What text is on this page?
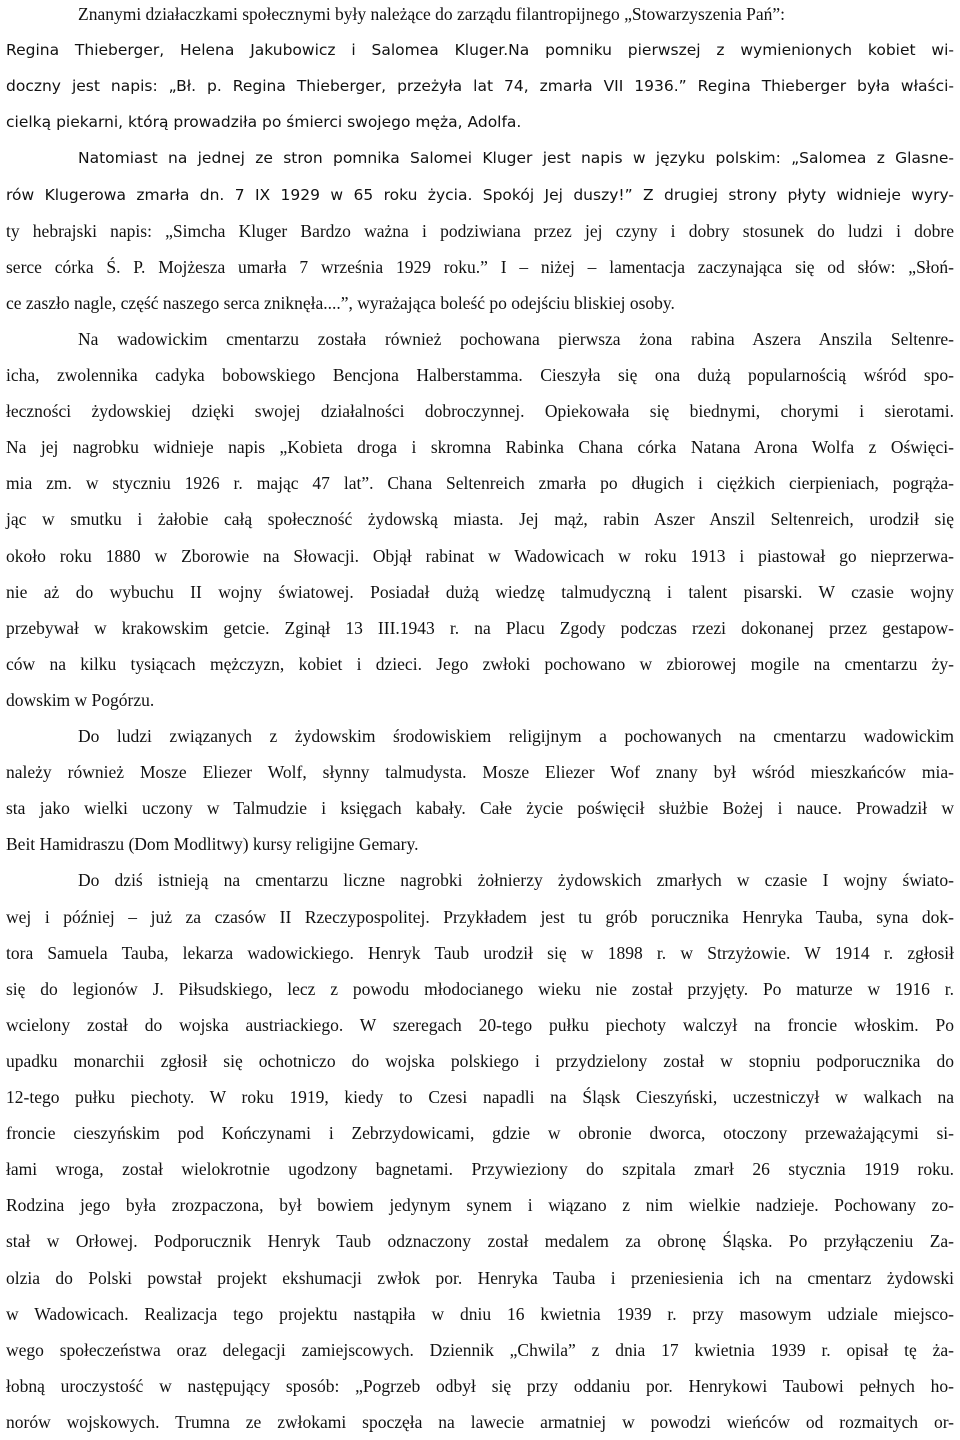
Znanymi działaczkami społecznymi były należące do zarządu filantropijnego „Stowarzyszenia Pań”:
Regina Thieberger, Helena Jakubowicz i Salomea Kluger.Na pomniku pierwszej z wymienionych kobiet wi-
doczny jest napis: „Bł. p. Regina Thieberger, przeżyła lat 74, zmarła VII 1936.” Regina Thieberger była właści-
cielką piekarni, którą prowadziła po śmierci swojego męża, Adolfa.
Natomiast na jednej ze stron pomnika Salomei Kluger jest napis w języku polskim: „Salomea z Glasne-
rów Klugerowa zmarła dn. 7 IX 1929 w 65 roku życia. Spokój Jej duszy!” Z drugiej strony płyty widnieje wyry-
ty hebrajski napis: „Simcha Kluger Bardzo ważna i podziwiana przez jej czyny i dobry stosunek do ludzi i dobre
serce córka Ś. P. Mojżesza umarła 7 września 1929 roku.” I – niżej – lamentacja zaczynająca się od słów: „Słoń-
ce zaszło nagle, część naszego serca zniknęła....”, wyrażająca boleść po odejściu bliskiej osoby.
Na wadowickim cmentarzu została również pochowana pierwsza żona rabina Aszera Anszila Seltenre-
icha, zwolennika cadyka bobowskiego Bencjona Halberstamma. Cieszyła się ona dużą popularnością wśród spo-
łeczności żydowskiej dzięki swojej działalności dobroczynnej. Opiekowała się biednymi, chorymi i sierotami.
Na jej nagrobku widnieje napis „Kobieta droga i skromna Rabinka Chana córka Natana Arona Wolfa z Oświęci-
mia zm. w styczniu 1926 r. mając 47 lat”. Chana Seltenreich zmarła po długich i ciężkich cierpieniach, pogrąża-
jąc w smutku i żałobie całą społeczność żydowską miasta. Jej mąż, rabin Aszer Anszil Seltenreich, urodził się
około roku 1880 w Zborowie na Słowacji. Objął rabinat w Wadowicach w roku 1913 i piastował go nieprzerwa-
nie aż do wybuchu II wojny światowej. Posiadał dużą wiedzę talmudyczną i talent pisarski. W czasie wojny
przebywał w krakowskim getcie. Zginął 13 III.1943 r. na Placu Zgody podczas rzezi dokonanej przez gestapow-
ców na kilku tysiącach mężczyzn, kobiet i dzieci. Jego zwłoki pochowano w zbiorowej mogile na cmentarzu ży-
dowskim w Pogórzu.
Do ludzi związanych z żydowskim środowiskiem religijnym a pochowanych na cmentarzu wadowickim
należy również Mosze Eliezer Wolf, słynny talmudysta. Mosze Eliezer Wof znany był wśród mieszkańców mia-
sta jako wielki uczony w Talmudzie i księgach kabały. Całe życie poświęcił służbie Bożej i nauce. Prowadził w
Beit Hamidraszu (Dom Modlitwy) kursy religijne Gemary.
Do dziś istnieją na cmentarzu liczne nagrobki żołnierzy żydowskich zmarłych w czasie I wojny świato-
wej i później – już za czasów II Rzeczypospolitej. Przykładem jest tu grób porucznika Henryka Tauba, syna dok-
tora Samuela Tauba, lekarza wadowickiego. Henryk Taub urodził się w 1898 r. w Strzyżowie. W 1914 r. zgłosił
się do legionów J. Piłsudskiego, lecz z powodu młodocianego wieku nie został przyjęty. Po maturze w 1916 r.
wcielony został do wojska austriackiego. W szeregach 20-tego pułku piechoty walczył na froncie włoskim. Po
upadku monarchii zgłosił się ochotniczo do wojska polskiego i przydzielony został w stopniu podporucznika do
12-tego pułku piechoty. W roku 1919, kiedy to Czesi napadli na Śląsk Cieszyński, uczestniczył w walkach na
froncie cieszyńskim pod Kończynami i Zebrzydowicami, gdzie w obronie dworca, otoczony przeważającymi si-
łami wroga, został wielokrotnie ugodzony bagnetami. Przywieziony do szpitala zmarł 26 stycznia 1919 roku.
Rodzina jego była zrozpaczona, był bowiem jedynym synem i wiązano z nim wielkie nadzieje. Pochowany zo-
stał w Orłowej. Podporucznik Henryk Taub odznaczony został medalem za obronę Śląska. Po przyłączeniu Za-
olzia do Polski powstał projekt ekshumacji zwłok por. Henryka Tauba i przeniesienia ich na cmentarz żydowski
w Wadowicach. Realizacja tego projektu nastąpiła w dniu 16 kwietnia 1939 r. przy masowym udziale miejsco-
wego społeczeństwa oraz delegacji zamiejscowych. Dziennik „Chwila” z dnia 17 kwietnia 1939 r. opisał tę ża-
łobną uroczystość w następujący sposób: „Pogrzeb odbył się przy oddaniu por. Henrykowi Taubowi pełnych ho-
norów wojskowych. Trumna ze zwłokami spoczęła na lawecie armatniej w powodzi wieńców od rozmaitych or-
